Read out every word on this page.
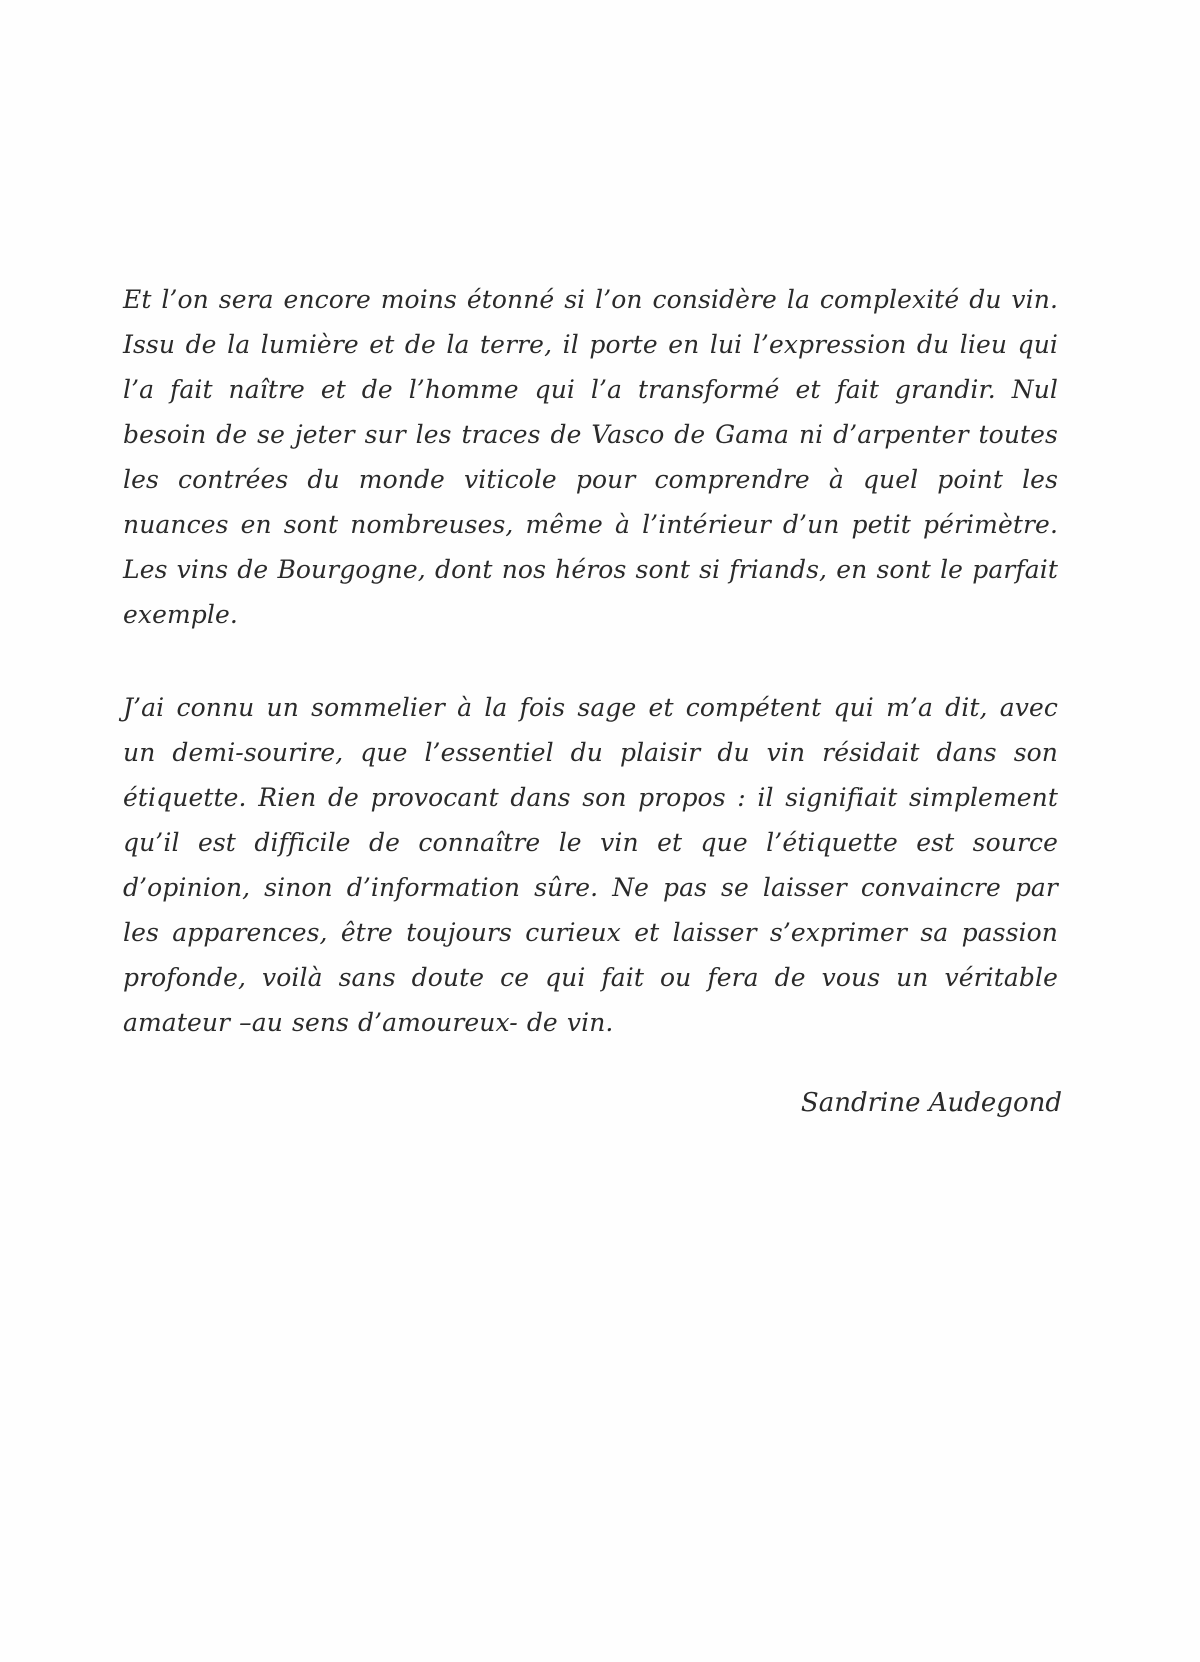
Et l’on sera encore moins étonné si l’on considère la complexité du vin. Issu de la lumière et de la terre, il porte en lui l’expression du lieu qui l’a fait naître et de l’homme qui l’a transformé et fait grandir. Nul besoin de se jeter sur les traces de Vasco de Gama ni d’arpenter toutes les contrées du monde viticole pour comprendre à quel point les nuances en sont nombreuses, même à l’intérieur d’un petit périmètre. Les vins de Bourgogne, dont nos héros sont si friands, en sont le parfait exemple.

J’ai connu un sommelier à la fois sage et compétent qui m’a dit, avec un demi-sourire, que l’essentiel du plaisir du vin résidait dans son étiquette. Rien de provocant dans son propos : il signifiait simplement qu’il est difficile de connaître le vin et que l’étiquette est source d’opinion, sinon d’information sûre. Ne pas se laisser convaincre par les apparences, être toujours curieux et laisser s’exprimer sa passion profonde, voilà sans doute ce qui fait ou fera de vous un véritable amateur –au sens d’amoureux- de vin.

Sandrine Audegond
